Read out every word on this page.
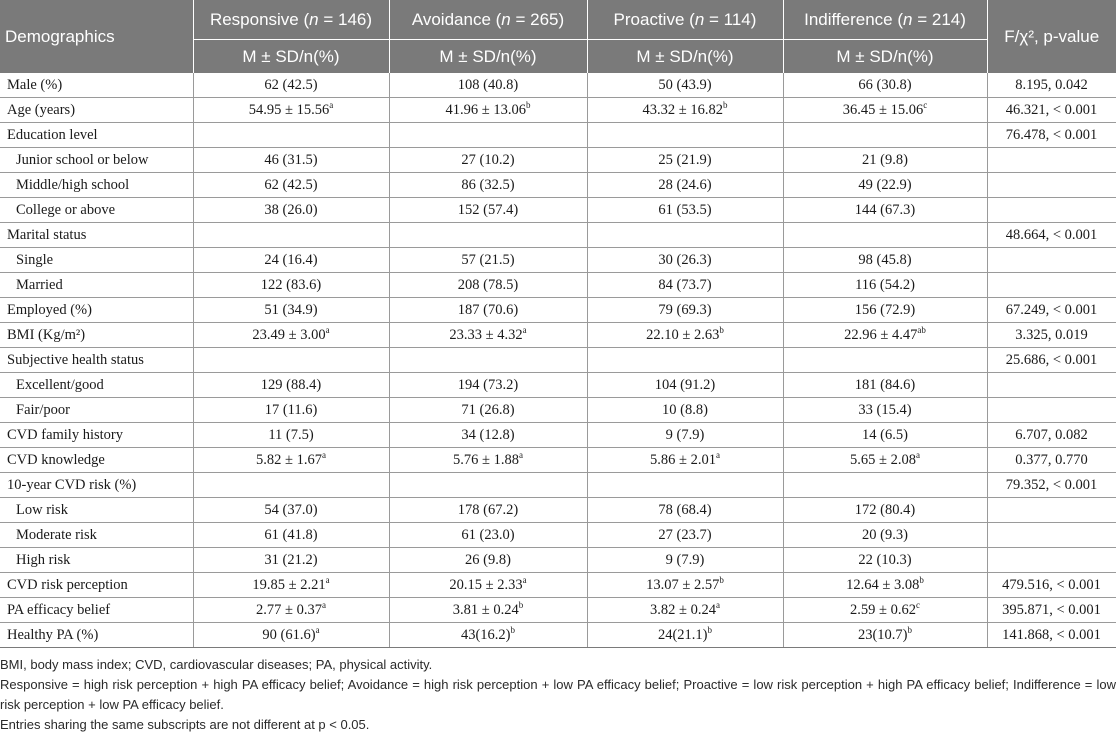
Demographics	Responsive (n = 146)	Avoidance (n = 265)	Proactive (n = 114)	Indifference (n = 214)	F/χ², p-value
	M ± SD/n(%)	M ± SD/n(%)	M ± SD/n(%)	M ± SD/n(%)	
Male (%)	62 (42.5)	108 (40.8)	50 (43.9)	66 (30.8)	8.195, 0.042
Age (years)	54.95 ± 15.56$^a$	41.96 ± 13.06$^b$	43.32 ± 16.82$^b$	36.45 ± 15.06$^c$	46.321, < 0.001
Education level					76.478, < 0.001
Junior school or below	46 (31.5)	27 (10.2)	25 (21.9)	21 (9.8)	
Middle/high school	62 (42.5)	86 (32.5)	28 (24.6)	49 (22.9)	
College or above	38 (26.0)	152 (57.4)	61 (53.5)	144 (67.3)	
Marital status					48.664, < 0.001
Single	24 (16.4)	57 (21.5)	30 (26.3)	98 (45.8)	
Married	122 (83.6)	208 (78.5)	84 (73.7)	116 (54.2)	
Employed (%)	51 (34.9)	187 (70.6)	79 (69.3)	156 (72.9)	67.249, < 0.001
BMI (Kg/m²)	23.49 ± 3.00$^a$	23.33 ± 4.32$^a$	22.10 ± 2.63$^b$	22.96 ± 4.47$^{ab}$	3.325, 0.019
Subjective health status					25.686, < 0.001
Excellent/good	129 (88.4)	194 (73.2)	104 (91.2)	181 (84.6)	
Fair/poor	17 (11.6)	71 (26.8)	10 (8.8)	33 (15.4)	
CVD family history	11 (7.5)	34 (12.8)	9 (7.9)	14 (6.5)	6.707, 0.082
CVD knowledge	5.82 ± 1.67$^a$	5.76 ± 1.88$^a$	5.86 ± 2.01$^a$	5.65 ± 2.08$^a$	0.377, 0.770
10-year CVD risk (%)					79.352, < 0.001
Low risk	54 (37.0)	178 (67.2)	78 (68.4)	172 (80.4)	
Moderate risk	61 (41.8)	61 (23.0)	27 (23.7)	20 (9.3)	
High risk	31 (21.2)	26 (9.8)	9 (7.9)	22 (10.3)	
CVD risk perception	19.85 ± 2.21$^a$	20.15 ± 2.33$^a$	13.07 ± 2.57$^b$	12.64 ± 3.08$^b$	479.516, < 0.001
PA efficacy belief	2.77 ± 0.37$^a$	3.81 ± 0.24$^b$	3.82 ± 0.24$^a$	2.59 ± 0.62$^c$	395.871, < 0.001
Healthy PA (%)	90 $(61.6)^a$	$43(16.2)^b$	$24(21.1)^b$	$23(10.7)^b$	141.868, < 0.001

BMI, body mass index; CVD, cardiovascular diseases; PA, physical activity.

Responsive = high risk perception + high PA efficacy belief; Avoidance = high risk perception + low PA efficacy belief; Proactive = low risk perception + high PA efficacy belief; Indifference = low risk perception + low PA efficacy belief.

Entries sharing the same subscripts are not different at p < 0.05.
